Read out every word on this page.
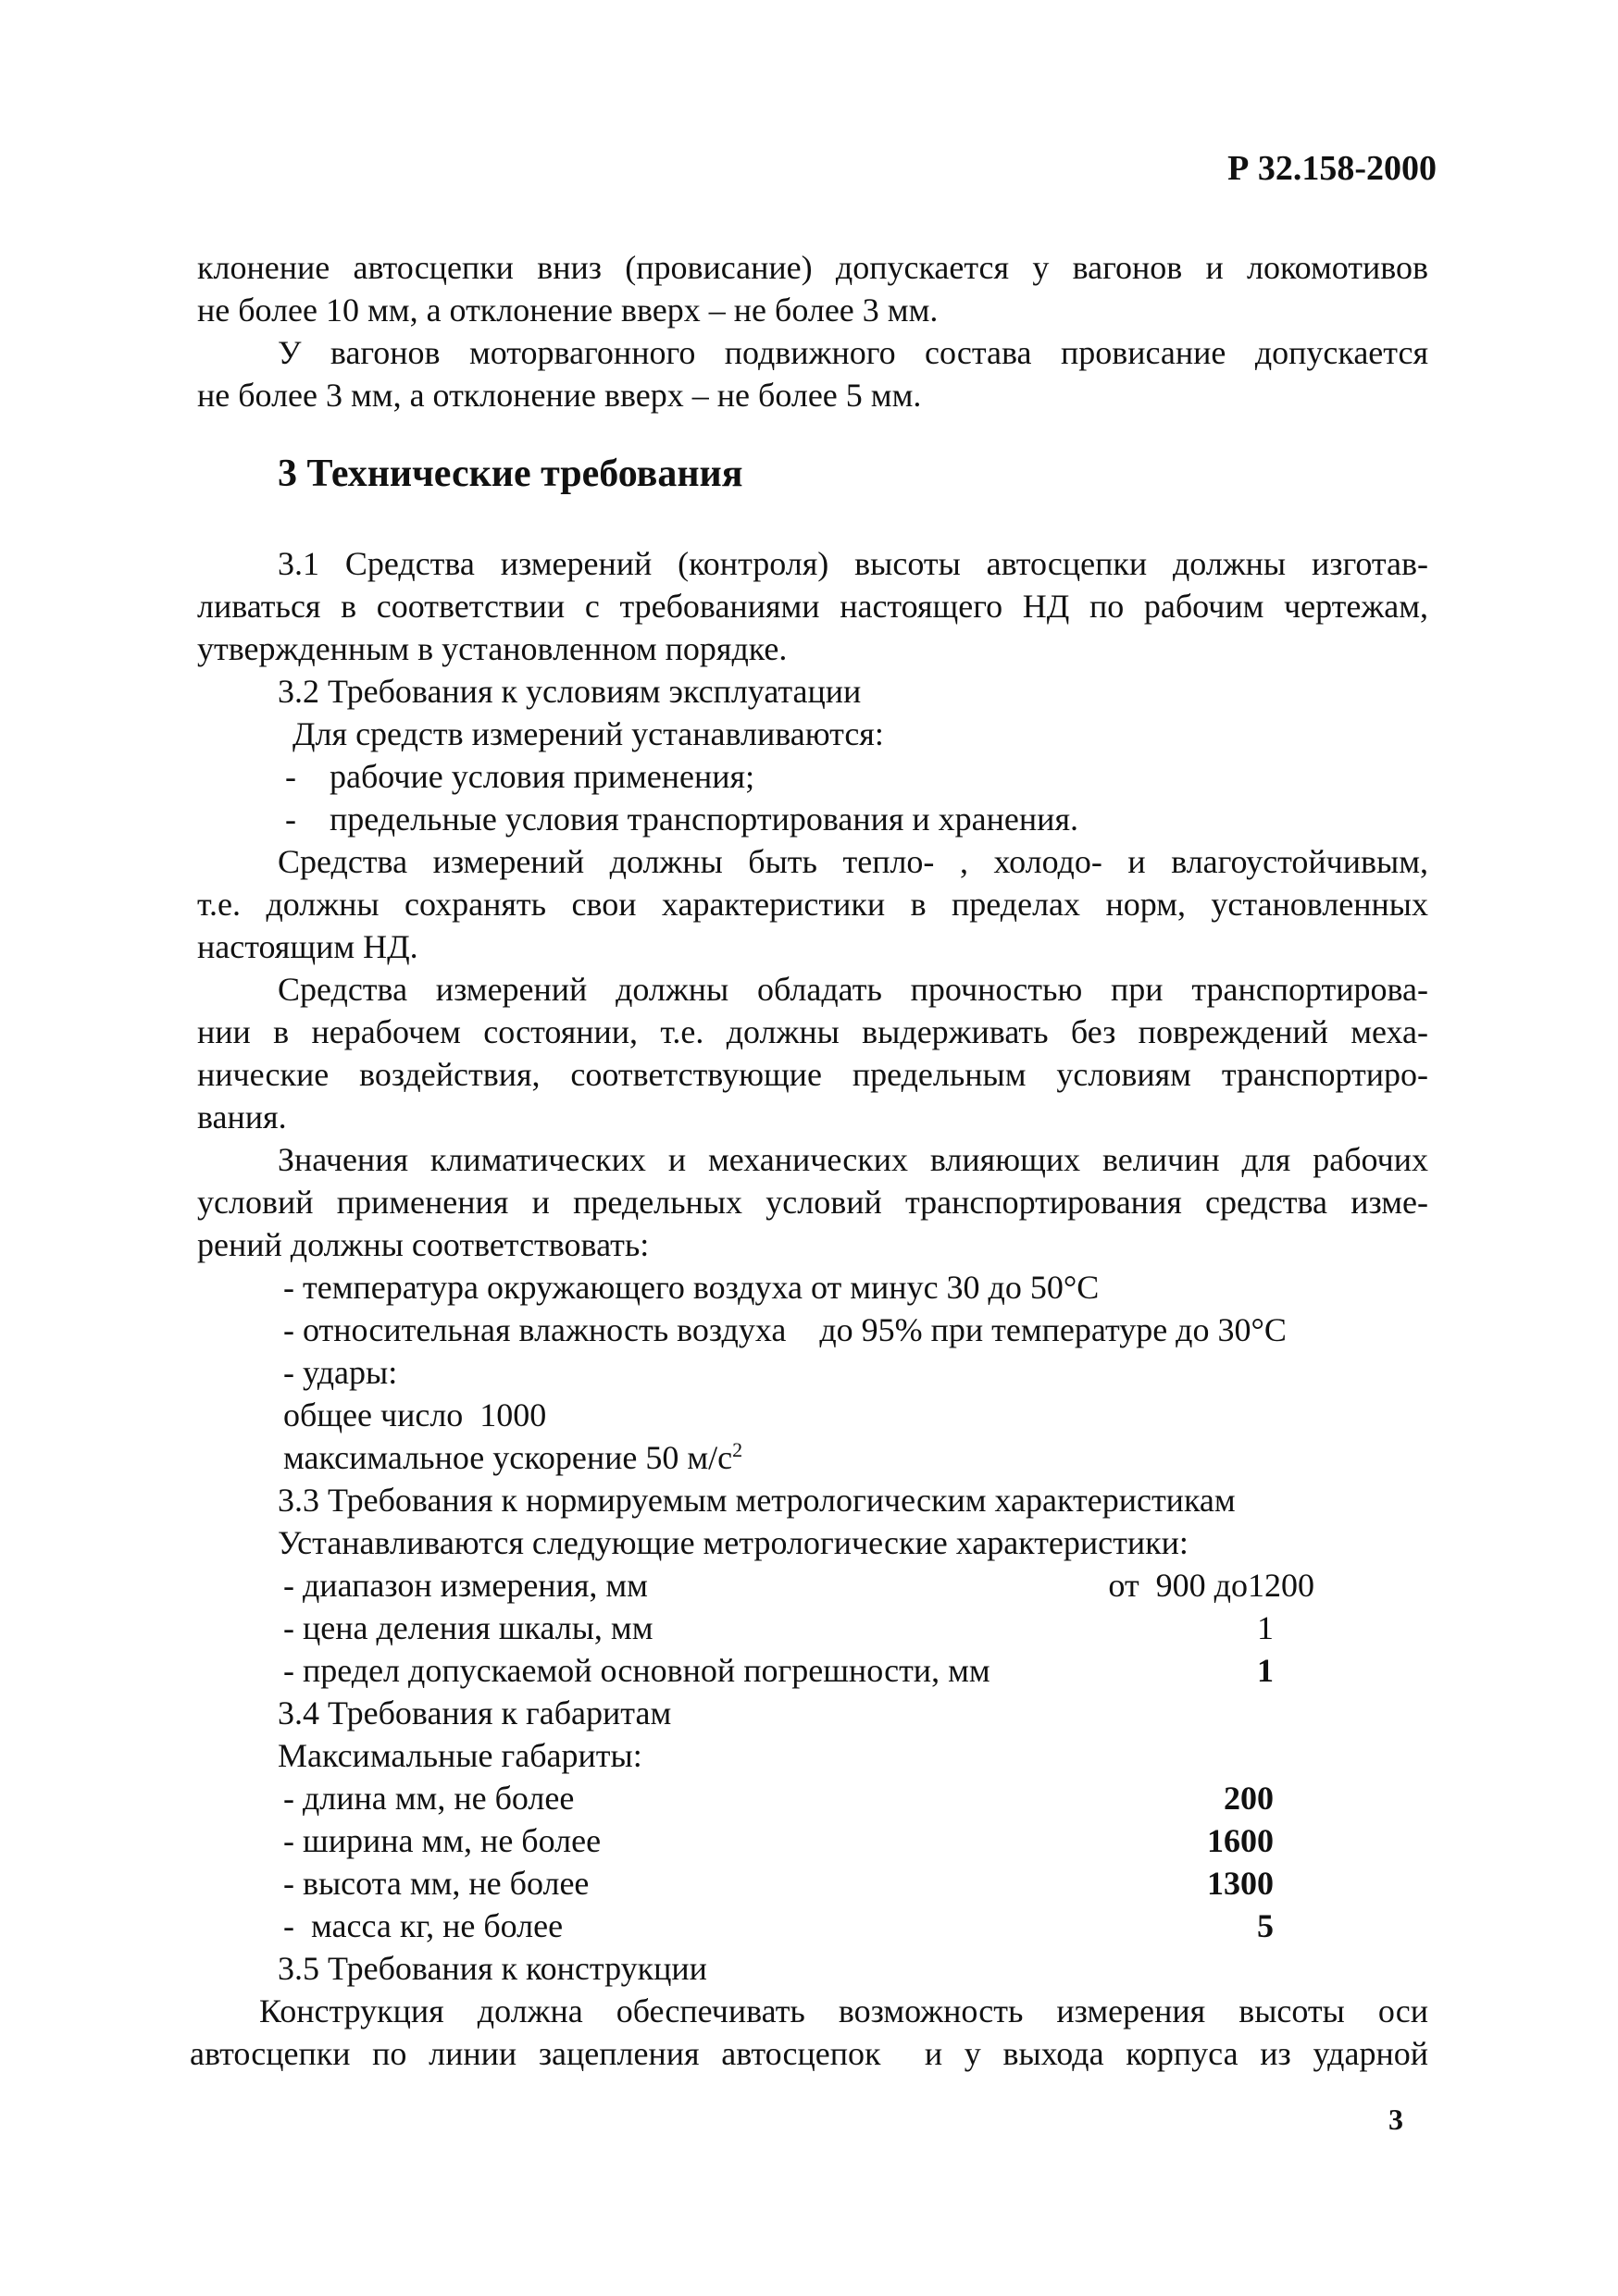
Р 32.158-2000
клонение автосцепки вниз (провисание) допускается у вагонов и локомотивов
не более 10 мм, а отклонение вверх – не более 3 мм.
У вагонов моторвагонного подвижного состава провисание допускается
не более 3 мм, а отклонение вверх – не более 5 мм.
3 Технические требования
3.1 Средства измерений (контроля) высоты автосцепки должны изготав-
ливаться в соответствии с требованиями настоящего НД по рабочим чертежам,
утвержденным в установленном порядке.
3.2 Требования к условиям эксплуатации
Для средств измерений устанавливаются:
- рабочие условия применения;
- предельные условия транспортирования и хранения.
Средства измерений должны быть тепло- , холодо- и влагоустойчивым,
т.е. должны сохранять свои характеристики в пределах норм, установленных
настоящим НД.
Средства измерений должны обладать прочностью при транспортирова-
нии в нерабочем состоянии, т.е. должны выдерживать без повреждений меха-
нические воздействия, соответствующие предельным условиям транспортиро-
вания.
Значения климатических и механических влияющих величин для рабочих
условий применения и предельных условий транспортирования средства изме-
рений должны соответствовать:
- температура окружающего воздуха от минус 30 до 50°С
- относительная влажность воздуха    до 95% при температуре до 30°С
- удары:
общее число  1000
максимальное ускорение 50 $м/с^2$
3.3 Требования к нормируемым метрологическим характеристикам
Устанавливаются следующие метрологические характеристики:
- диапазон измерения, мм	от  900 до1200
- цена деления шкалы, мм	1
- предел допускаемой основной погрешности, мм	1
3.4 Требования к габаритам
Максимальные габариты:
- длина мм, не более	200
- ширина мм, не более	1600
- высота мм, не более	1300
-  масса кг, не более	5
3.5 Требования к конструкции
Конструкция должна обеспечивать возможность измерения высоты оси
автосцепки по линии зацепления автосцепок  и у выхода корпуса из ударной
3
